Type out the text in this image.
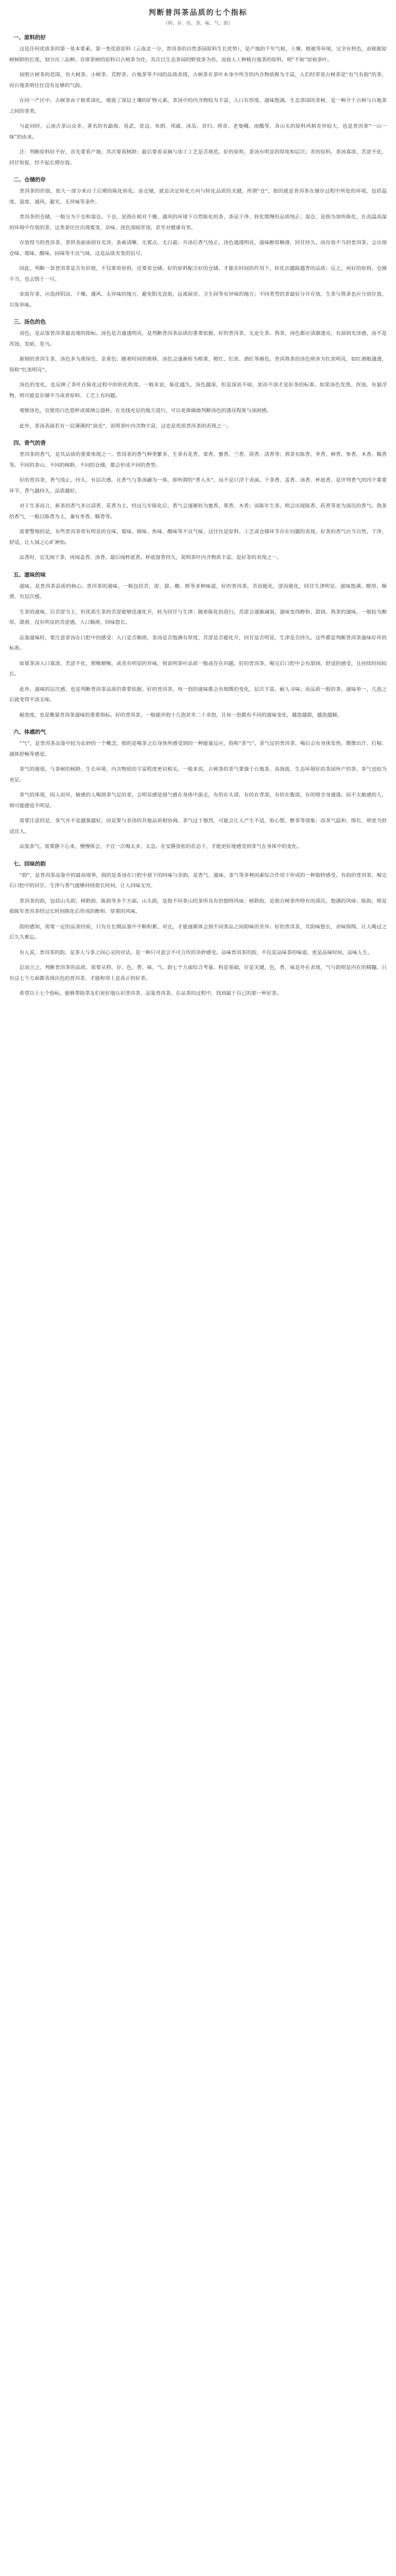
判断普洱茶品质的七个指标
（料、存、色、香、味、气、韵）
一、原料的好

这是任何优质茶的第一基本要素。第一类优质原料（云南北一分，普洱茶的自然茶园原料生长优势），是产地的千年气候、土壤、植被等环境，完全有特色，而根据原树树龄的长度，划分出三品种。首席茶树的原料以古树茶为佳，其次以生态茶园的野放茶为佳，而按人工种植台地茶的原料，则“不如”原始茶叶。

按照古树茶的范围，有大树茶、小树茶、荒野茶、台地茶等不同的品质表现，古树茶在茶叶本身中所含的内含物质极为丰富，人们经常说古树茶是“有气有韵”的茶，而台地茶则往往没有足够的气韵。

在同一产区中，古树茶由于根系深扎，吸收了深层土壤的矿物元素，茶汤中的内含物较为丰富，入口有厚度、滋味饱满。生态茶园的茶树，是一种介于古树与台地茶之间的茶类。

与此同时，云南古茶山众多，著名的有勐海、易武、景迈、布朗、邦崴、冰岛、昔归、班章、老曼峨、南糯等，各山头的原料风格差异较大，也是普洱茶“一山一味”的由来。

注：判断原料好不好，首先要看产地；其次要看树龄；最后要看采摘与加工工艺是否规范。好的原料，茶汤有明显的厚度和层次；差的原料，茶汤寡淡、苦涩不化、回甘短促，经不起长期存放。

二、仓储的存

普洱茶的价值，很大一部分来自于后期的陈化转化。而仓储，就是决定转化方向与转化品质的关键。所谓“仓”，指的就是普洱茶在储存过程中所处的环境，包括温度、湿度、通风、避光、无异味等条件。

普洱茶的仓储，一般分为干仓和湿仓。干仓，是指在相对干燥、通风的环境下自然陈化的茶，茶品干净、转化缓慢但品质纯正；湿仓，是指为加快陈化，在高温高湿的环境中存放的茶，这类茶往往出现霉变、杂味，汤色深暗浑浊，甚至对健康有害。

存放得当的普洱茶，茶饼表面油润有光泽，条索清晰，无霉点、无白霜；开汤后香气纯正，汤色通透明亮，滋味醇厚顺滑，回甘持久。而存放不当的普洱茶，会出现仓味、霉味、酸味、闷味等不良气味，这是品质劣变的信号。

因此，判断一款普洱茶是否有价值，不仅要看原料，还要看仓储。好的原料配合好的仓储，才能在时间的作用下，转化出越陈越香的品质；反之，再好的原料，仓储不当，也会毁于一旦。

家庭存茶，应选择阴凉、干燥、通风、无异味的地方，避免阳光直射，远离厨房、卫生间等有异味的地方；不同类型的茶最好分开存放，生茶与熟茶也应分别存放，以免串味。

三、汤色的色

汤色，是品鉴普洱茶最直观的指标。汤色是否通透明亮，是判断普洱茶品质的重要依据。好的普洱茶，无论生茶、熟茶，汤色都应清澈透亮，有油润光泽感，而不是浑浊、发暗、发乌。

新制的普洱生茶，汤色多为黄绿色、金黄色；随着时间的推移，汤色会逐渐转为橙黄、橙红、红浓、酒红等颜色。普洱熟茶的汤色则多为红浓明亮，如红酒般通透，俗称“红浓明亮”。

汤色的变化，也反映了茶叶在陈化过程中的转化程度。一般来说，陈化越久，汤色越深，但是深而不暗、浓而不浊才是好茶的标准。如果汤色发黑、浑浊、有悬浮物，则可能是存储不当或者原料、工艺上有问题。

观察汤色，宜使用白色瓷杯或玻璃公道杯，在光线充足的地方进行，可以更准确地判断汤色的透亮程度与油润感。

此外，茶汤表面若有一层薄薄的“油光”，说明茶叶内含物丰富，这也是优质普洱茶的表现之一。

四、香气的香

普洱茶的香气，是其品质的重要体现之一。普洱茶的香气种类繁多，生茶有花香、果香、蜜香、兰香、荷香、清香等；熟茶有陈香、枣香、樟香、参香、木香、糯香等。不同的茶山、不同的树龄、不同的仓储，都会形成不同的香型。

好的普洱茶，香气纯正、持久、有层次感，且香气与茶汤融为一体，即所谓的“香入水”，而不是只浮于表面。干茶香、盖香、汤香、杯底香，是评判香气的四个重要环节，香气越持久，品质越好。

对于生茶而言，新茶的香气多以清香、花香为主，经过几年陈化后，香气会逐渐转为蜜香、果香、木香；而陈年生茶，则会出现陈香、药香等更为深沉的香气。熟茶的香气，一般以陈香为主，兼有枣香、糯香等。

需要警惕的是，有些普洱茶带有明显的仓味、霉味、烟味、焦味、酸味等不良气味，这往往是原料、工艺或仓储环节存在问题的表现。好茶的香气应当自然、干净、舒适，让人闻之心旷神怡。

品香时，宜先闻干茶，再闻盖香、汤香，最后闻杯底香。杯底留香持久，说明茶叶内含物质丰富，是好茶的表现之一。

五、滋味的味

滋味，是普洱茶品质的核心。普洱茶的滋味，一般包括苦、涩、甜、酸、鲜等多种味道，好的普洱茶，苦而能化、涩而能化，回甘生津明显，滋味饱满、醇厚、顺滑、有层次感。

生茶的滋味，以苦涩为主，但优质生茶的苦涩能够迅速化开，转为回甘与生津；随着陈化的进行，苦涩会逐渐减弱，滋味变得醇和、甜润。熟茶的滋味，一般较为醇厚、甜滑，没有明显的苦涩感，入口顺滑，回味悠长。

品鉴滋味时，要注意茶汤在口腔中的感受：入口是否顺滑，茶汤是否饱满有厚度，苦涩是否能化开，回甘是否明显，生津是否持久。这些都是判断普洱茶滋味好坏的标准。

如果茶汤入口寡淡、苦涩不化、锁喉刺喉，或者有明显的异味，则说明茶叶品质一般或存在问题。好的普洱茶，喝完后口腔中会有甜润、舒适的感受，且持续时间较长。

此外，滋味的层次感，也是判断普洱茶品质的重要依据。好的普洱茶，每一泡的滋味都会有细微的变化，层次丰富，耐人寻味；而品质一般的茶，滋味单一，几泡之后就变得平淡无味。

耐泡度，也是衡量普洱茶滋味的重要指标。好的普洱茶，一般能冲泡十几泡甚至二十余泡，且每一泡都有不同的滋味变化，越泡越甜，越泡越顺。

六、体感的气

“气”，是普洱茶品鉴中较为玄妙的一个概念，指的是喝茶之后身体所感受到的一种能量反应，俗称“茶气”。茶气足的普洱茶，喝后会有身体发热、微微出汗、打嗝、通体舒畅等感觉。

茶气的强弱，与茶树的树龄、生长环境、内含物质的丰富程度密切相关。一般来说，古树茶的茶气要强于台地茶，高海拔、生态环境好的茶园所产的茶，茶气也较为充足。

茶气的体现，因人而异，敏感的人喝到茶气足的茶，会明显感觉到气感在身体中游走，有的在头部，有的在背部，有的在腹部，有的则全身通透。而不太敏感的人，则可能感觉不明显。

需要注意的是，茶气并不是越强越好，而是要与茶汤的其他品质相协调。茶气过于强烈，可能会让人产生不适，如心慌、醉茶等现象；而茶气温和、绵长，则更为舒适宜人。

品鉴茶气，需要静下心来，慢慢体会，不宜一次喝太多、太急。在安静放松的状态下，才能更好地感受到茶气在身体中的变化。

七、回味的韵

“韵”，是普洱茶品鉴中的最高境界，指的是茶汤在口腔中留下的回味与余韵，是香气、滋味、茶气等多种因素综合作用下形成的一种独特感受。有韵的普洱茶，喝完后口腔中的回甘、生津与香气能够持续很长时间，让人回味无穷。

普洱茶的韵，包括山头韵、树龄韵、陈韵等多个方面。山头韵，是指不同茶山的茶所具有的独特风味；树龄韵，是指古树茶所特有的深沉、饱满的风味；陈韵，则是指陈年普洱茶经过长时间陈化后形成的醇和、厚重的风味。

韵的感知，需要一定的品茶经验，只有在长期品鉴中不断积累、对比，才能逐渐体会到不同茶品之间韵味的差异。好的普洱茶，其韵味悠长，余味绵绵，让人喝过之后久久难忘。

有人说，普洱茶的韵，是茶人与茶之间心灵的对话，是一种只可意会不可言传的美妙感受。品味普洱茶的韵，不仅是品味茶的味道，更是品味时间、品味人生。

总而言之，判断普洱茶的品质，需要从料、存、色、香、味、气、韵七个方面综合考量。料是基础，存是关键，色、香、味是外在表现，气与韵则是内在的精髓。只有这七个方面都表现出色的普洱茶，才能称得上是真正的好茶。

希望以上七个指标，能够帮助茶友们更好地认识普洱茶、品鉴普洱茶，在品茶的过程中，找到属于自己的那一杯好茶。
